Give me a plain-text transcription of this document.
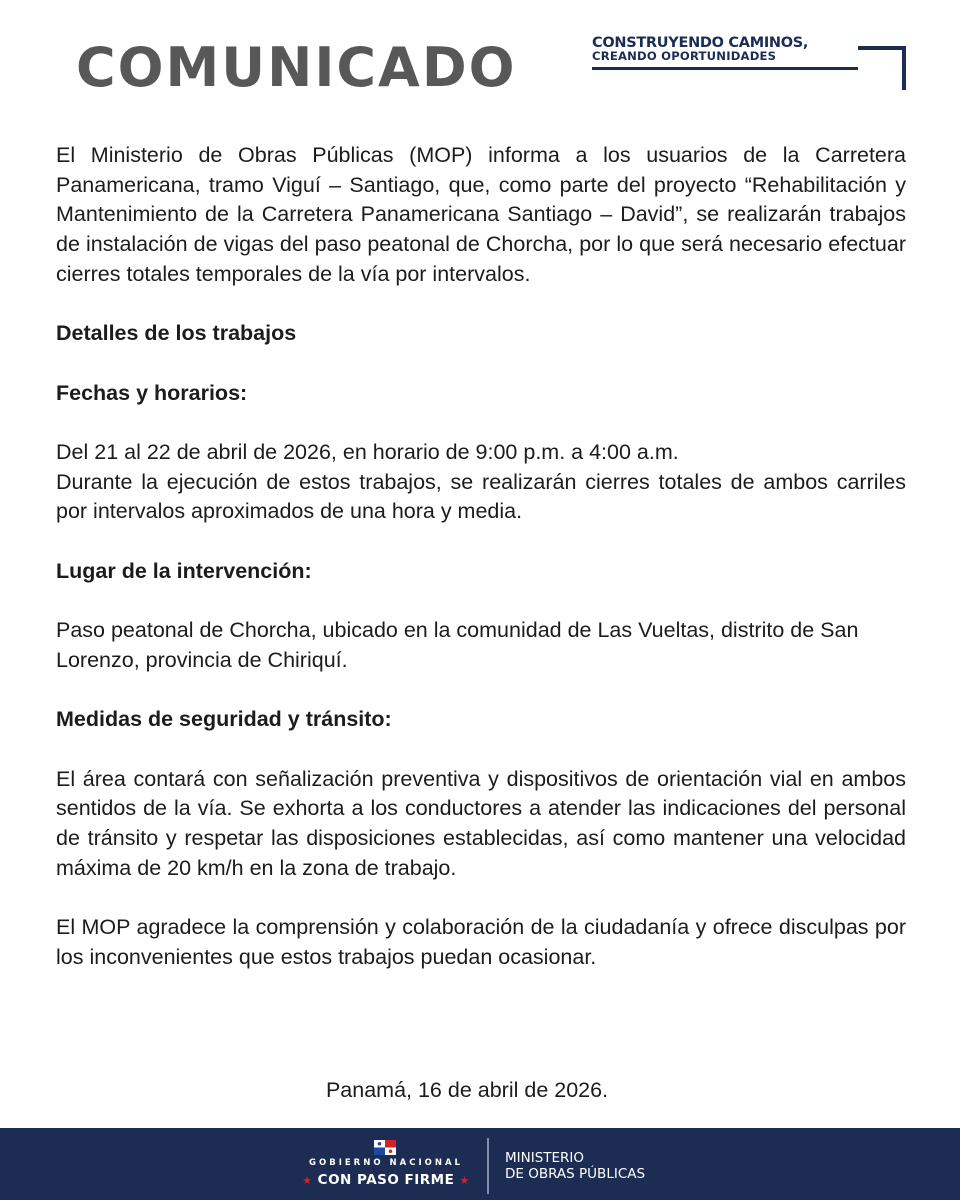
COMUNICADO	CONSTRUYENDO CAMINOS,
CREANDO OPORTUNIDADES

El Ministerio de Obras Públicas (MOP) informa a los usuarios de la Carretera Panamericana, tramo Viguí – Santiago, que, como parte del proyecto “Rehabilitación y Mantenimiento de la Carretera Panamericana Santiago – David”, se realizarán trabajos de instalación de vigas del paso peatonal de Chorcha, por lo que será necesario efectuar cierres totales temporales de la vía por intervalos.

Detalles de los trabajos

Fechas y horarios:

Del 21 al 22 de abril de 2026, en horario de 9:00 p.m. a 4:00 a.m.

Durante la ejecución de estos trabajos, se realizarán cierres totales de ambos carriles por intervalos aproximados de una hora y media.

Lugar de la intervención:

Paso peatonal de Chorcha, ubicado en la comunidad de Las Vueltas, distrito de San Lorenzo, provincia de Chiriquí.

Medidas de seguridad y tránsito:

El área contará con señalización preventiva y dispositivos de orientación vial en ambos sentidos de la vía. Se exhorta a los conductores a atender las indicaciones del personal de tránsito y respetar las disposiciones establecidas, así como mantener una velocidad máxima de 20 km/h en la zona de trabajo.

El MOP agradece la comprensión y colaboración de la ciudadanía y ofrece disculpas por los inconvenientes que estos trabajos puedan ocasionar.

Panamá, 16 de abril de 2026.
GOBIERNO NACIONAL
★ CON PASO FIRME ★
MINISTERIO
DE OBRAS PÚBLICAS
